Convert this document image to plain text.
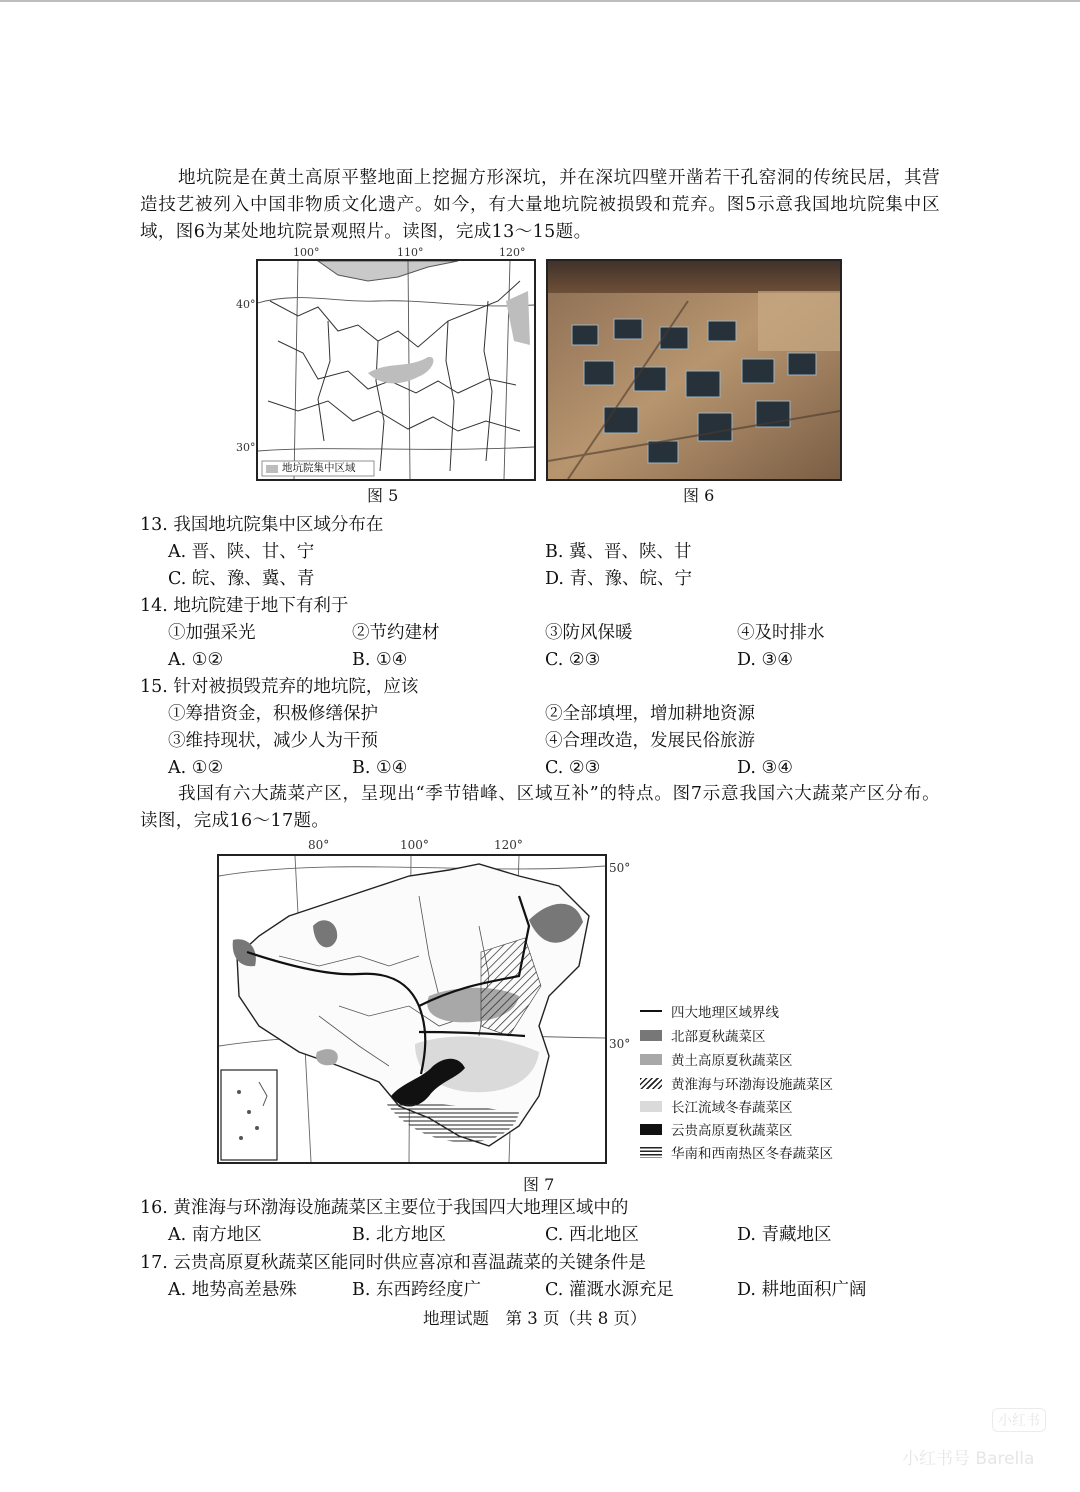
地坑院是在黄土高原平整地面上挖掘方形深坑，并在深坑四壁开凿若干孔窑洞的传统民居，其营造技艺被列入中国非物质文化遗产。如今，有大量地坑院被损毁和荒弃。图5示意我国地坑院集中区域，图6为某处地坑院景观照片。读图，完成13～15题。
100°	110°	120°
40°
30°
地坑院集中区域
图 5	图 6
13. 我国地坑院集中区域分布在
A. 晋、陕、甘、宁	B. 冀、晋、陕、甘
C. 皖、豫、冀、青	D. 青、豫、皖、宁
14. 地坑院建于地下有利于
①加强采光	②节约建材	③防风保暖	④及时排水
A. ①②	B. ①④	C. ②③	D. ③④
15. 针对被损毁荒弃的地坑院，应该
①筹措资金，积极修缮保护	②全部填埋，增加耕地资源
③维持现状，减少人为干预	④合理改造，发展民俗旅游
A. ①②	B. ①④	C. ②③	D. ③④
我国有六大蔬菜产区，呈现出“季节错峰、区域互补”的特点。图7示意我国六大蔬菜产区分布。读图，完成16～17题。
80°	100°	120°
50°
30°
图 7
四大地理区域界线
北部夏秋蔬菜区
黄土高原夏秋蔬菜区
黄淮海与环渤海设施蔬菜区
长江流域冬春蔬菜区
云贵高原夏秋蔬菜区
华南和西南热区冬春蔬菜区
16. 黄淮海与环渤海设施蔬菜区主要位于我国四大地理区域中的
A. 南方地区	B. 北方地区	C. 西北地区	D. 青藏地区
17. 云贵高原夏秋蔬菜区能同时供应喜凉和喜温蔬菜的关键条件是
A. 地势高差悬殊	B. 东西跨经度广	C. 灌溉水源充足	D. 耕地面积广阔
地理试题　第 3 页（共 8 页）
小红书
小红书号 Barella
